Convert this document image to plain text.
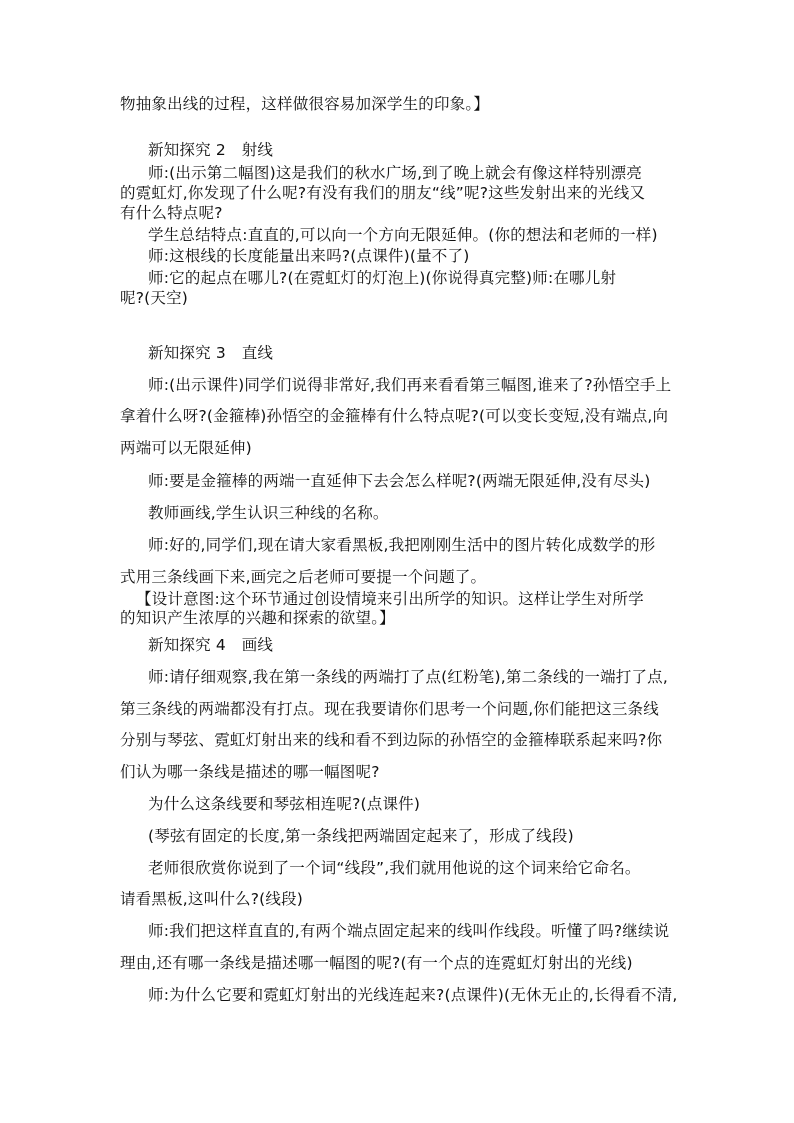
物抽象出线的过程，这样做很容易加深学生的印象。】
新知探究 2　射线
师:(出示第二幅图)这是我们的秋水广场,到了晚上就会有像这样特别漂亮
的霓虹灯,你发现了什么呢?有没有我们的朋友“线”呢?这些发射出来的光线又
有什么特点呢?
学生总结特点:直直的,可以向一个方向无限延伸。(你的想法和老师的一样)
师:这根线的长度能量出来吗?(点课件)(量不了)
师:它的起点在哪儿?(在霓虹灯的灯泡上)(你说得真完整)师:在哪儿射
呢?(天空)
新知探究 3　直线
师:(出示课件)同学们说得非常好,我们再来看看第三幅图,谁来了?孙悟空手上
拿着什么呀?(金箍棒)孙悟空的金箍棒有什么特点呢?(可以变长变短,没有端点,向
两端可以无限延伸)
师:要是金箍棒的两端一直延伸下去会怎么样呢?(两端无限延伸,没有尽头)
教师画线,学生认识三种线的名称。
师:好的,同学们,现在请大家看黑板,我把刚刚生活中的图片转化成数学的形
式用三条线画下来,画完之后老师可要提一个问题了。
【设计意图:这个环节通过创设情境来引出所学的知识。这样让学生对所学
的知识产生浓厚的兴趣和探索的欲望。】
新知探究 4　画线
师:请仔细观察,我在第一条线的两端打了点(红粉笔),第二条线的一端打了点,
第三条线的两端都没有打点。现在我要请你们思考一个问题,你们能把这三条线
分别与琴弦、霓虹灯射出来的线和看不到边际的孙悟空的金箍棒联系起来吗?你
们认为哪一条线是描述的哪一幅图呢?
为什么这条线要和琴弦相连呢?(点课件)
(琴弦有固定的长度,第一条线把两端固定起来了，形成了线段)
老师很欣赏你说到了一个词“线段”,我们就用他说的这个词来给它命名。
请看黑板,这叫什么?(线段)
师:我们把这样直直的,有两个端点固定起来的线叫作线段。听懂了吗?继续说
理由,还有哪一条线是描述哪一幅图的呢?(有一个点的连霓虹灯射出的光线)
师:为什么它要和霓虹灯射出的光线连起来?(点课件)(无休无止的,长得看不清,
